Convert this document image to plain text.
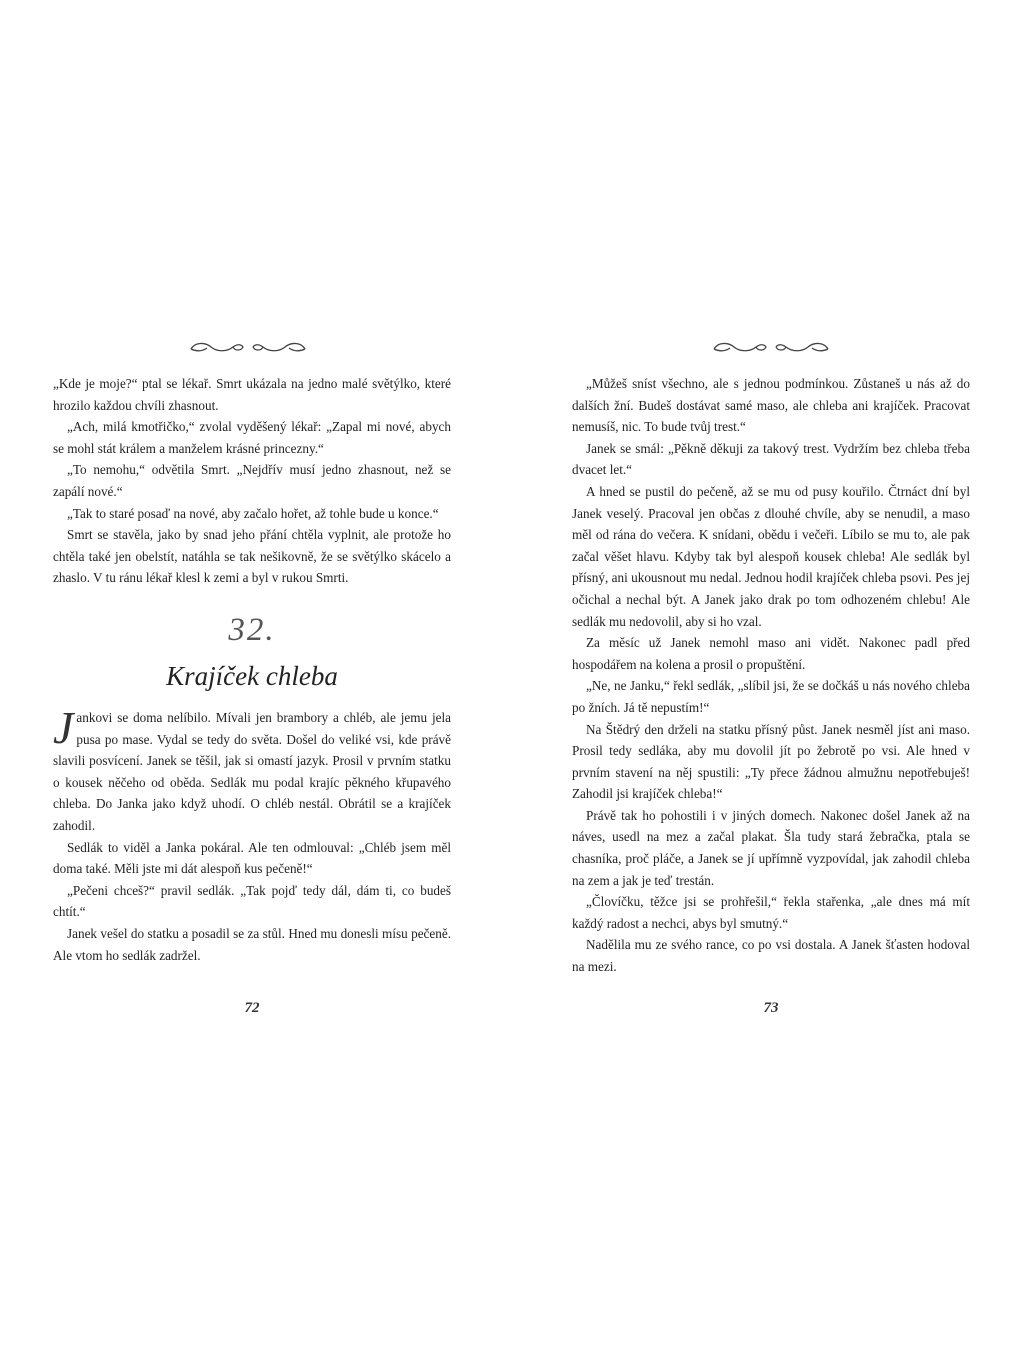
„Kde je moje?“ ptal se lékař. Smrt ukázala na jedno malé světýlko, které hrozilo každou chvíli zhasnout.

„Ach, milá kmotřičko,“ zvolal vyděšený lékař: „Zapal mi nové, abych se mohl stát králem a manželem krásné princezny.“

„To nemohu,“ odvětila Smrt. „Nejdřív musí jedno zhasnout, než se zapálí nové.“

„Tak to staré posaď na nové, aby začalo hořet, až tohle bude u konce.“

Smrt se stavěla, jako by snad jeho přání chtěla vyplnit, ale protože ho chtěla také jen obelstít, natáhla se tak nešikovně, že se světýlko skácelo a zhaslo. V tu ránu lékař klesl k zemi a byl v rukou Smrti.

32.
Krajíček chleba

Jankovi se doma nelíbilo. Mívali jen brambory a chléb, ale jemu jela pusa po mase. Vydal se tedy do světa. Došel do veliké vsi, kde právě slavili posvícení. Janek se těšil, jak si omastí jazyk. Prosil v prvním statku o kousek něčeho od oběda. Sedlák mu podal krajíc pěkného křupavého chleba. Do Janka jako když uhodí. O chléb nestál. Obrátil se a krajíček zahodil.

Sedlák to viděl a Janka pokáral. Ale ten odmlouval: „Chléb jsem měl doma také. Měli jste mi dát alespoň kus pečeně!“

„Pečeni chceš?“ pravil sedlák. „Tak pojď tedy dál, dám ti, co budeš chtít.“

Janek vešel do statku a posadil se za stůl. Hned mu donesli mísu pečeně. Ale vtom ho sedlák zadržel.

72

„Můžeš sníst všechno, ale s jednou podmínkou. Zůstaneš u nás až do dalších žní. Budeš dostávat samé maso, ale chleba ani krajíček. Pracovat nemusíš, nic. To bude tvůj trest.“

Janek se smál: „Pěkně děkuji za takový trest. Vydržím bez chleba třeba dvacet let.“

A hned se pustil do pečeně, až se mu od pusy kouřilo. Čtrnáct dní byl Janek veselý. Pracoval jen občas z dlouhé chvíle, aby se nenudil, a maso měl od rána do večera. K snídani, obědu i večeři. Líbilo se mu to, ale pak začal věšet hlavu. Kdyby tak byl alespoň kousek chleba! Ale sedlák byl přísný, ani ukousnout mu nedal. Jednou hodil krajíček chleba psovi. Pes jej očichal a nechal být. A Janek jako drak po tom odhozeném chlebu! Ale sedlák mu nedovolil, aby si ho vzal.

Za měsíc už Janek nemohl maso ani vidět. Nakonec padl před hospodářem na kolena a prosil o propuštění.

„Ne, ne Janku,“ řekl sedlák, „slíbil jsi, že se dočkáš u nás nového chleba po žních. Já tě nepustím!“

Na Štědrý den drželi na statku přísný půst. Janek nesměl jíst ani maso. Prosil tedy sedláka, aby mu dovolil jít po žebrotě po vsi. Ale hned v prvním stavení na něj spustili: „Ty přece žádnou almužnu nepotřebuješ! Zahodil jsi krajíček chleba!“

Právě tak ho pohostili i v jiných domech. Nakonec došel Janek až na náves, usedl na mez a začal plakat. Šla tudy stará žebračka, ptala se chasníka, proč pláče, a Janek se jí upřímně vyzpovídal, jak zahodil chleba na zem a jak je teď trestán.

„Človíčku, těžce jsi se prohřešil,“ řekla stařenka, „ale dnes má mít každý radost a nechci, abys byl smutný.“

Nadělila mu ze svého rance, co po vsi dostala. A Janek šťasten hodoval na mezi.

73
